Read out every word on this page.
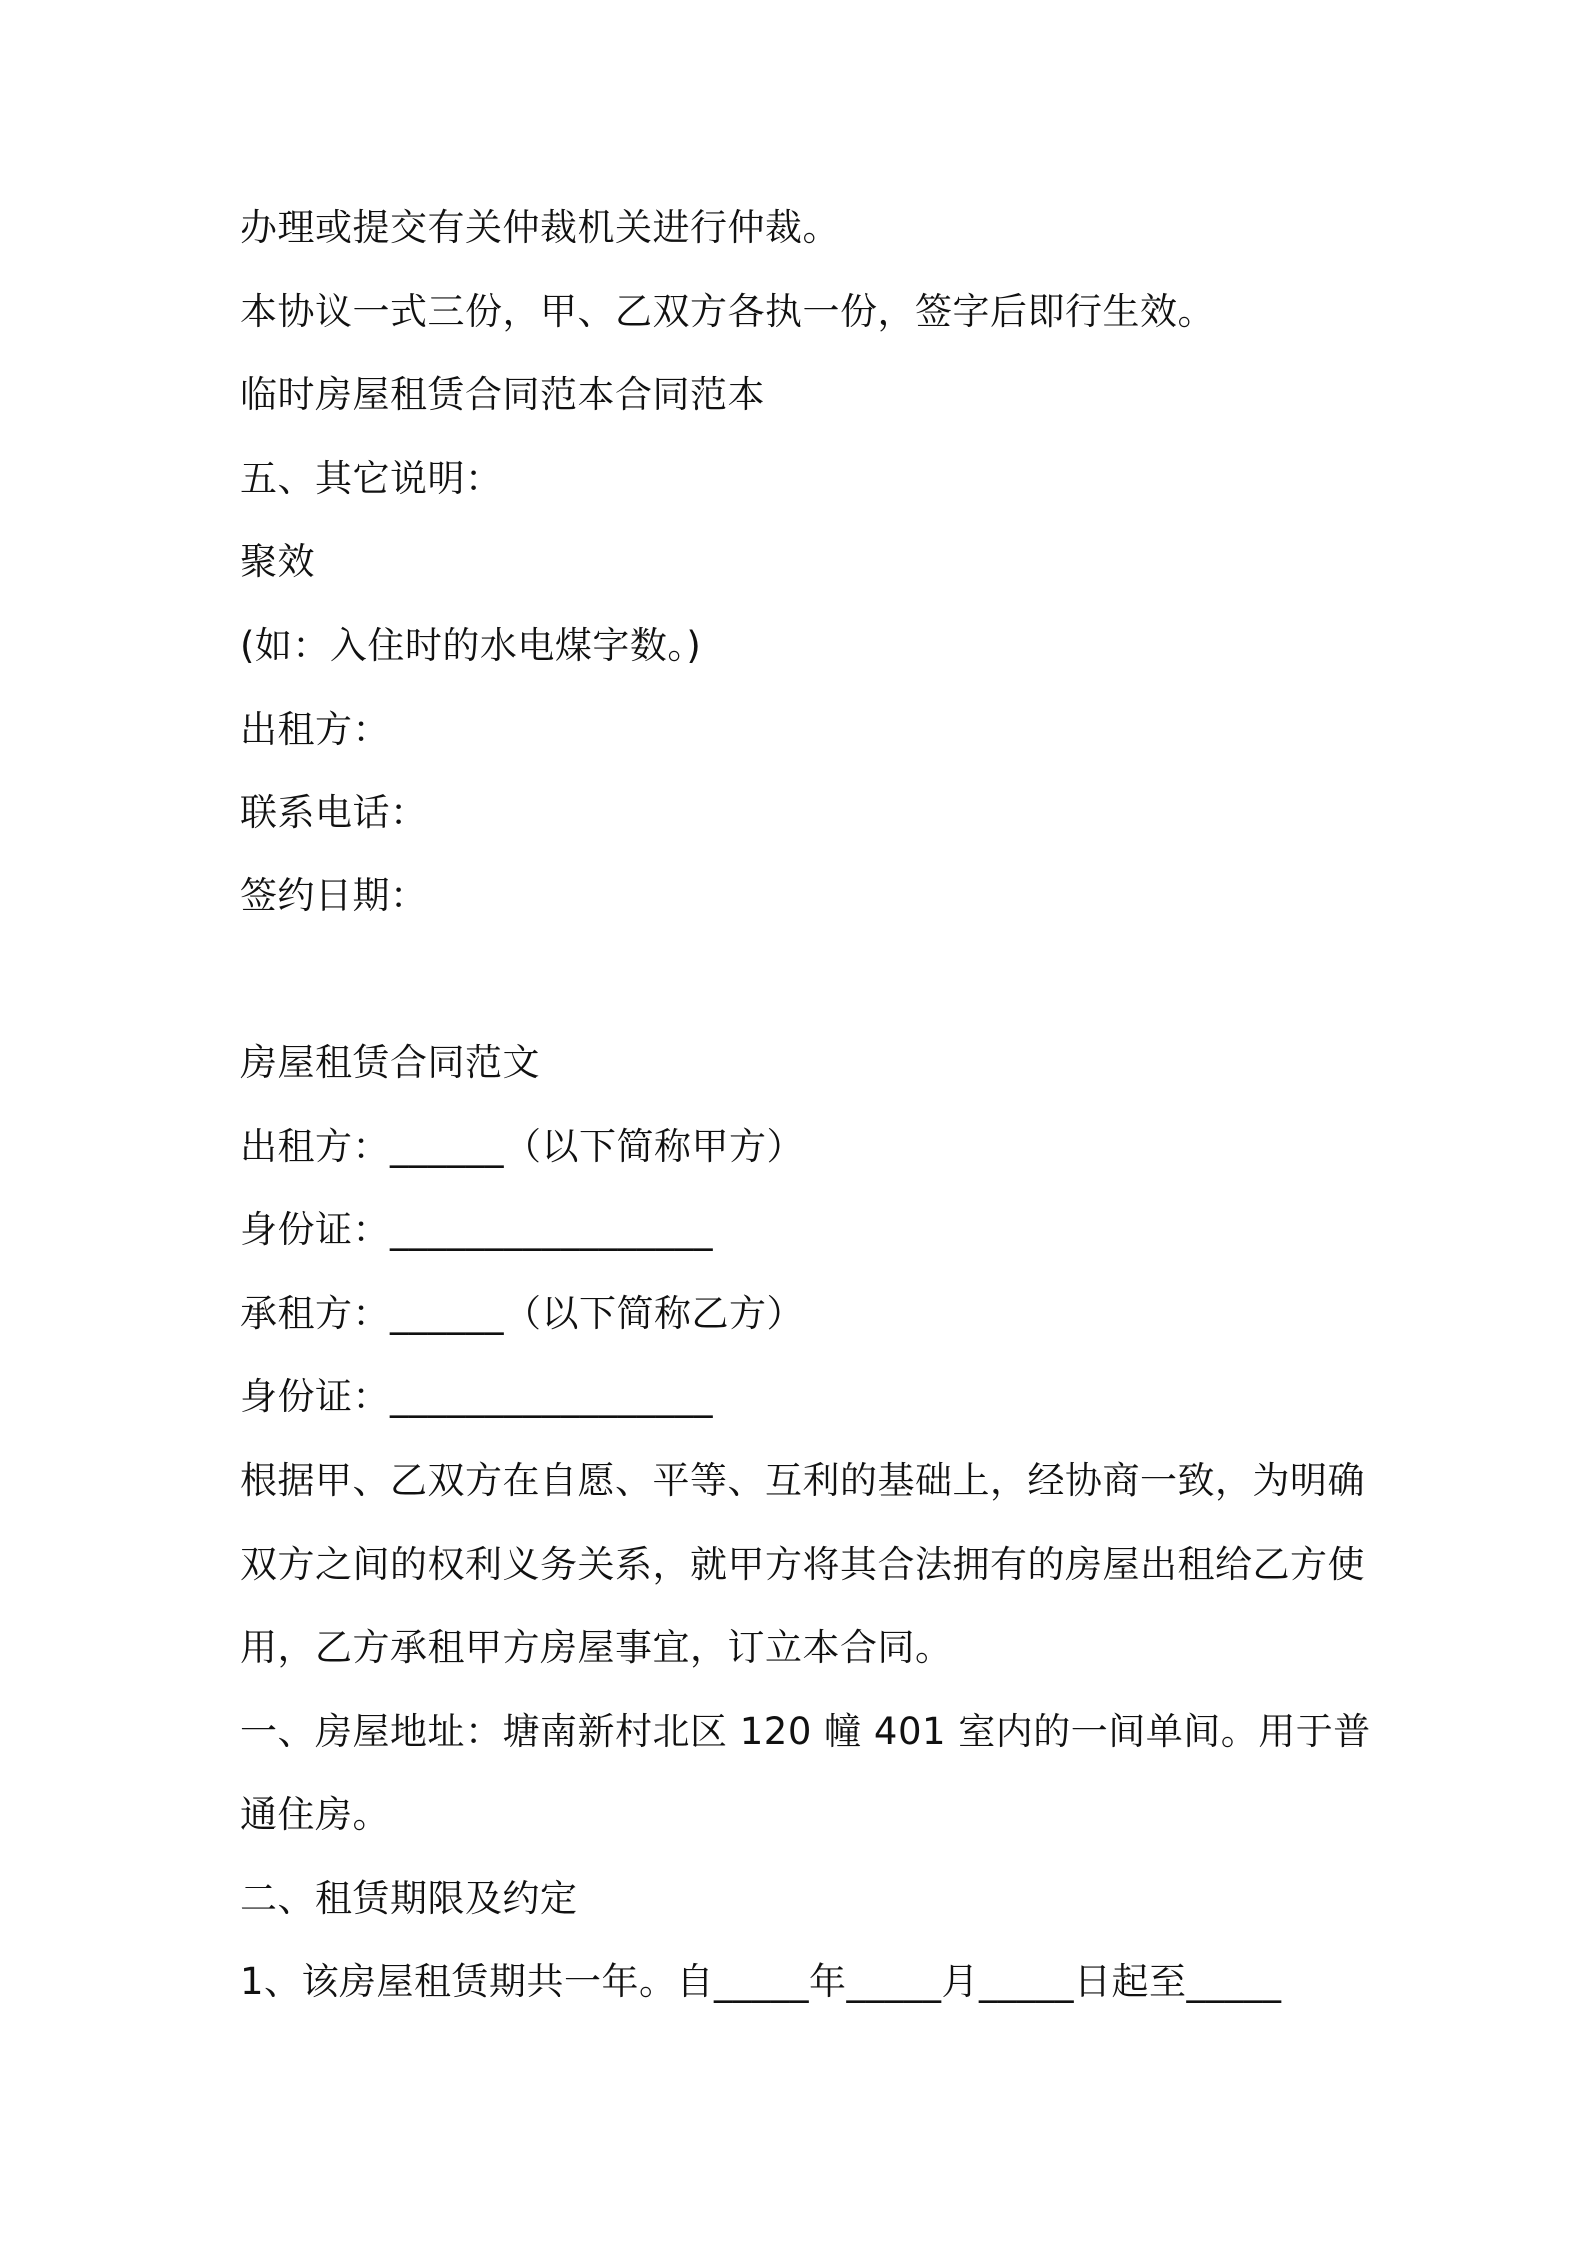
办理或提交有关仲裁机关进行仲裁。
本协议一式三份，甲、乙双方各执一份，签字后即行生效。
临时房屋租赁合同范本合同范本
五、其它说明：
聚效
(如：入住时的水电煤字数。)
出租方：
联系电话：
签约日期：
房屋租赁合同范文
出租方：______（以下简称甲方）
身份证：_________________
承租方：______（以下简称乙方）
身份证：_________________
根据甲、乙双方在自愿、平等、互利的基础上，经协商一致，为明确
双方之间的权利义务关系，就甲方将其合法拥有的房屋出租给乙方使
用，乙方承租甲方房屋事宜，订立本合同。
一、房屋地址：塘南新村北区 120 幢 401 室内的一间单间。用于普
通住房。
二、租赁期限及约定
1、该房屋租赁期共一年。自_____年_____月_____日起至_____
